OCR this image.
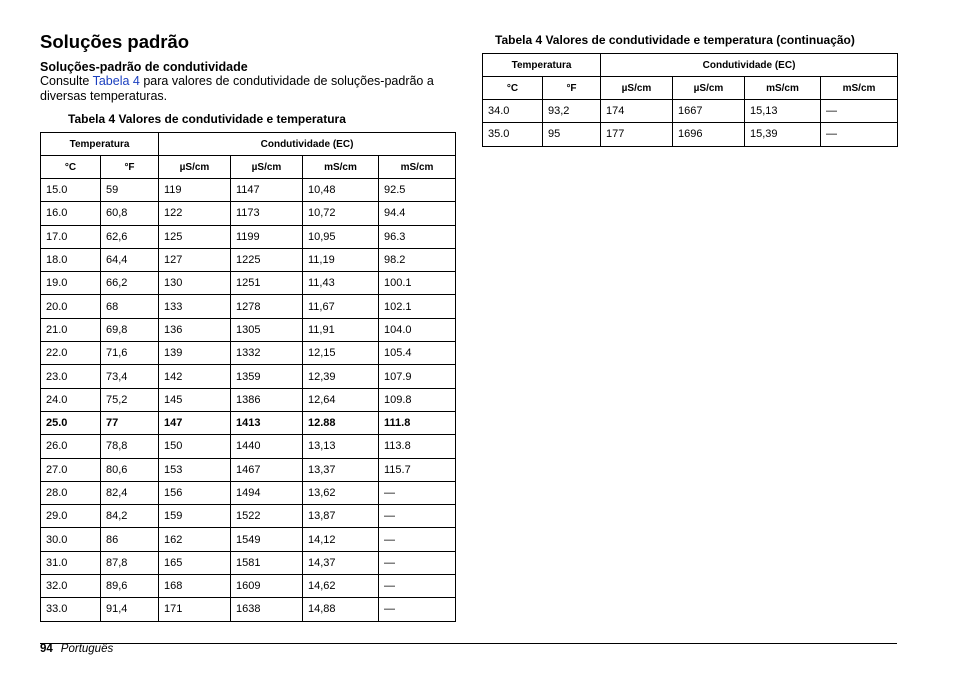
Soluções padrão
Soluções-padrão de condutividade

Consulte Tabela 4 para valores de condutividade de soluções-padrão a diversas temperaturas.

Tabela 4 Valores de condutividade e temperatura
Temperatura		Condutividade (EC)			
°C	°F	µS/cm	µS/cm	mS/cm	mS/cm
15.0	59	119	1147	10,48	92.5
16.0	60,8	122	1173	10,72	94.4
17.0	62,6	125	1199	10,95	96.3
18.0	64,4	127	1225	11,19	98.2
19.0	66,2	130	1251	11,43	100.1
20.0	68	133	1278	11,67	102.1
21.0	69,8	136	1305	11,91	104.0
22.0	71,6	139	1332	12,15	105.4
23.0	73,4	142	1359	12,39	107.9
24.0	75,2	145	1386	12,64	109.8
25.0	77	147	1413	12.88	111.8
26.0	78,8	150	1440	13,13	113.8
27.0	80,6	153	1467	13,37	115.7
28.0	82,4	156	1494	13,62	—
29.0	84,2	159	1522	13,87	—
30.0	86	162	1549	14,12	—
31.0	87,8	165	1581	14,37	—
32.0	89,6	168	1609	14,62	—
33.0	91,4	171	1638	14,88	—
Tabela 4 Valores de condutividade e temperatura (continuação)
Temperatura		Condutividade (EC)			
°C	°F	µS/cm	µS/cm	mS/cm	mS/cm
34.0	93,2	174	1667	15,13	—
35.0	95	177	1696	15,39	—
94 Português
